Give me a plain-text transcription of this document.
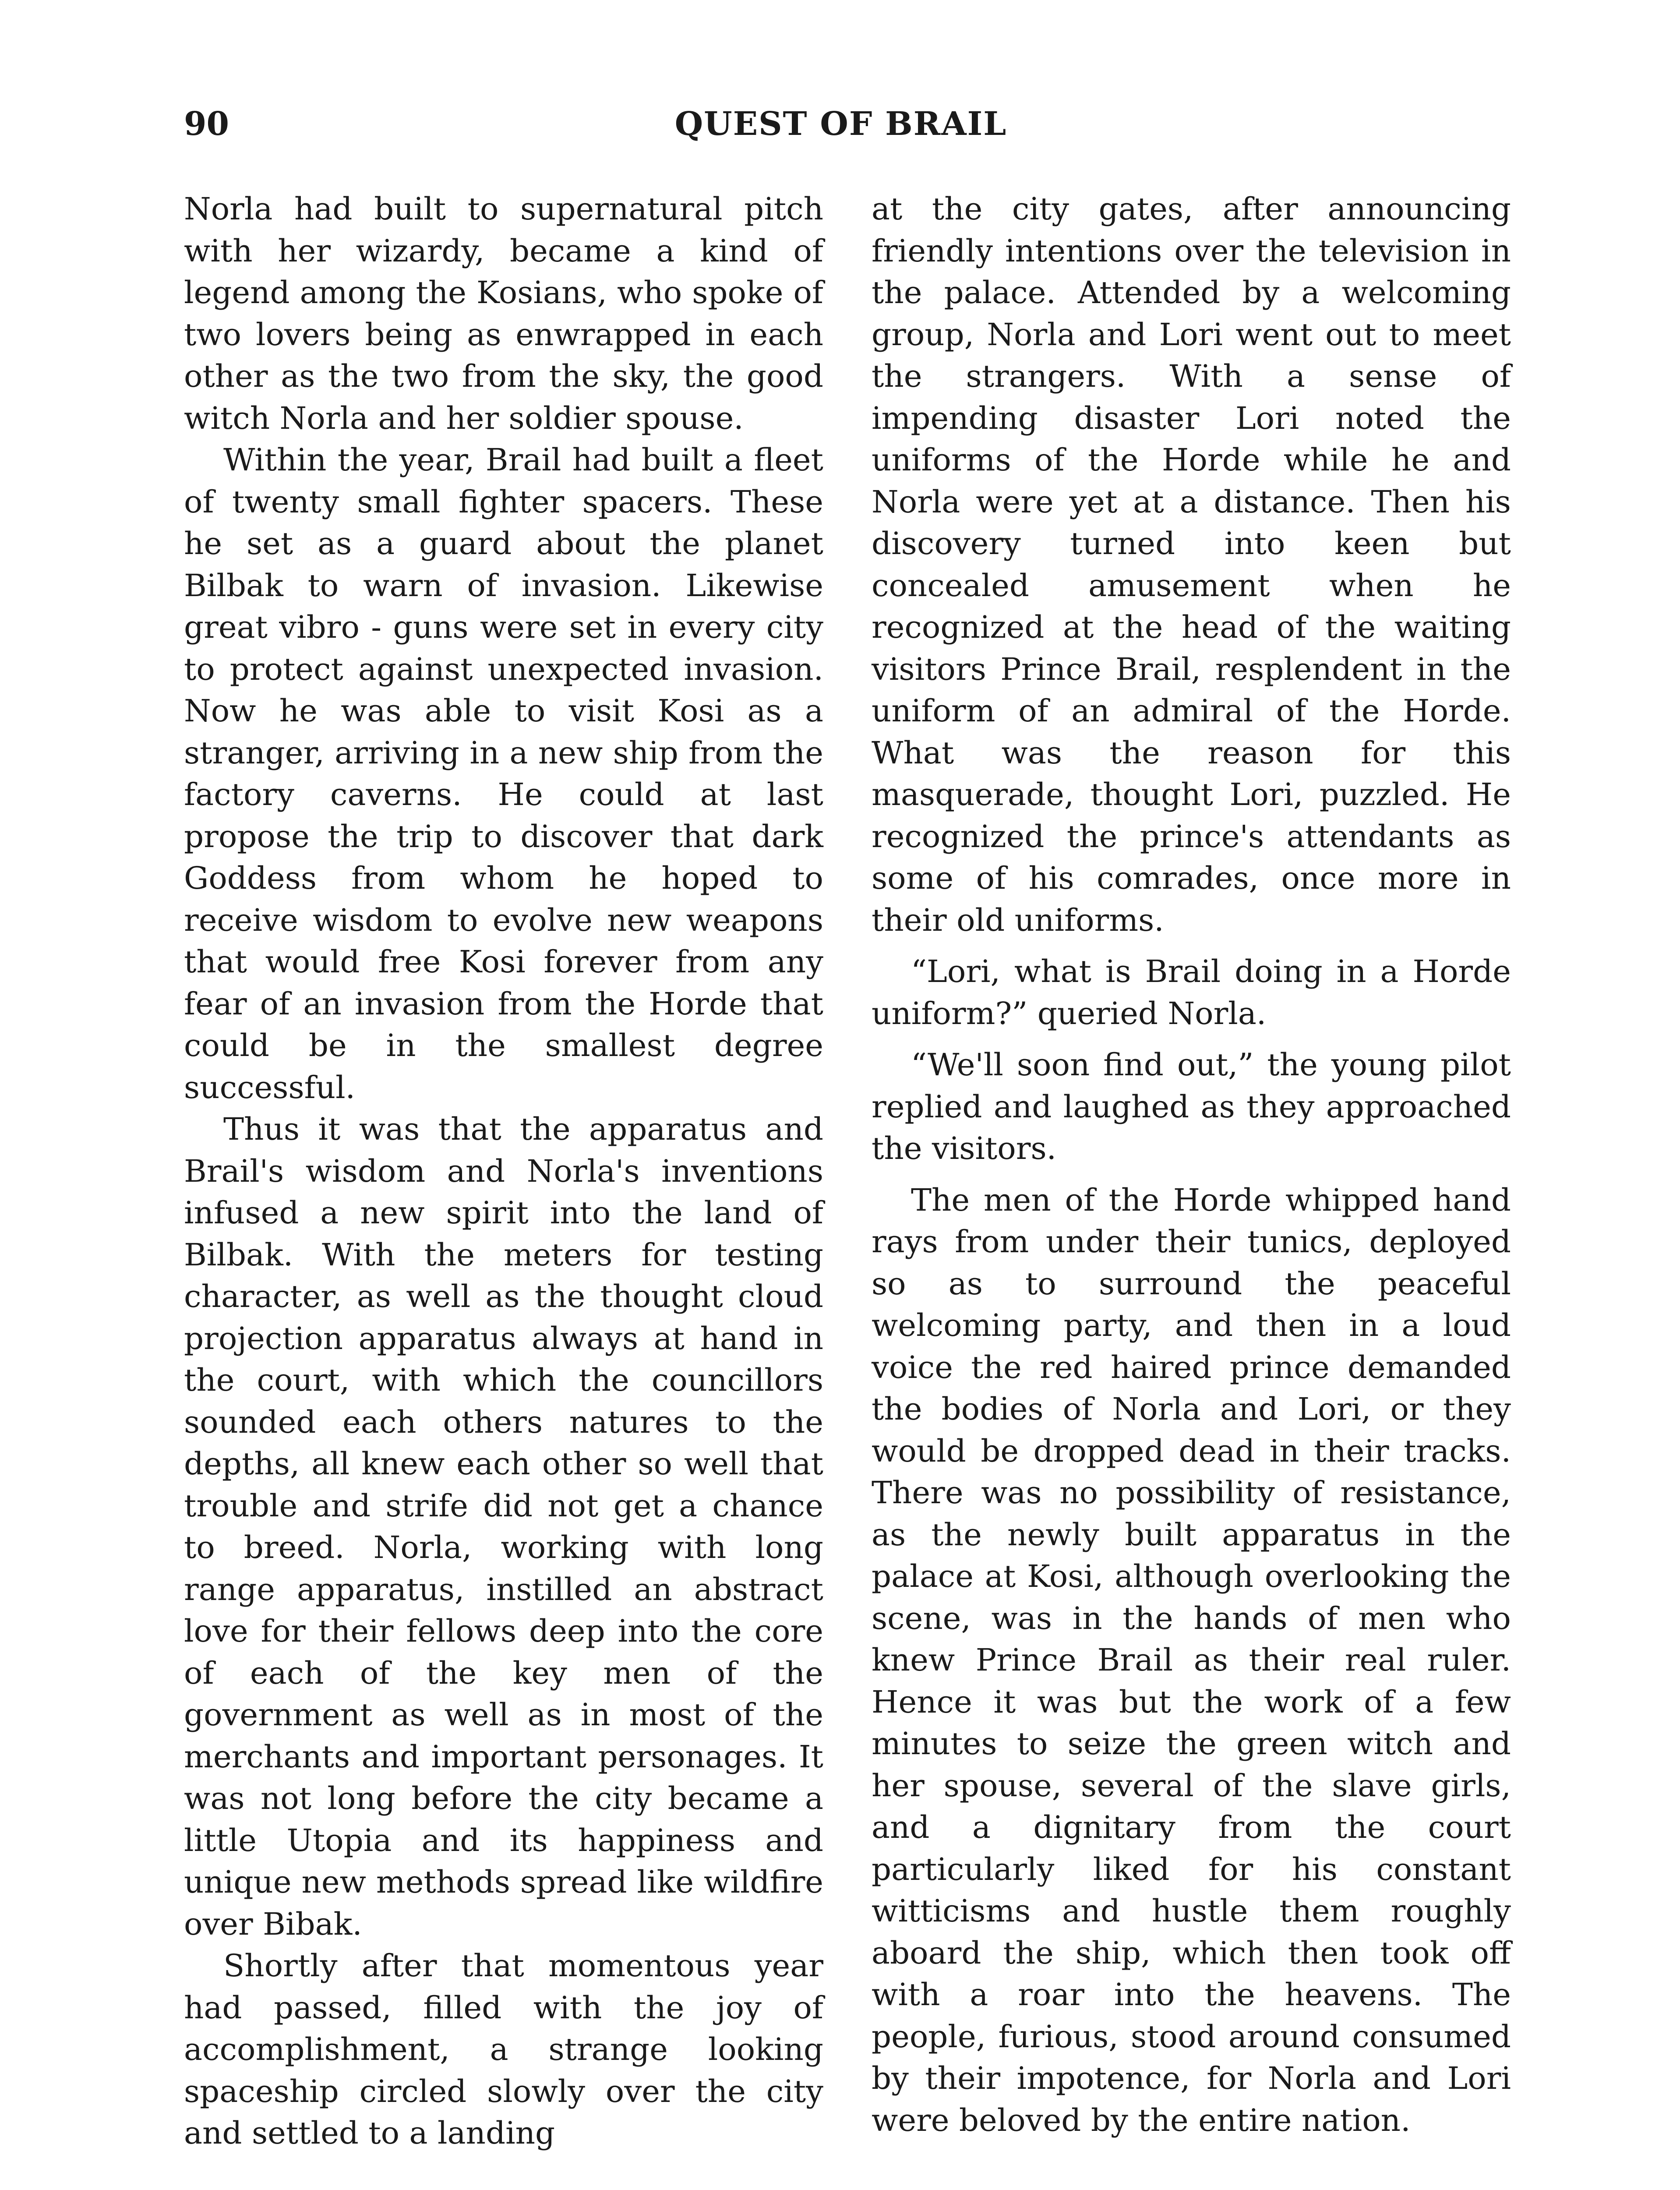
90	QUEST OF BRAIL

Norla had built to supernatural pitch with her wizardy, became a kind of legend among the Kosians, who spoke of two lovers being as enwrapped in each other as the two from the sky, the good witch Norla and her soldier spouse.

Within the year, Brail had built a fleet of twenty small fighter spacers. These he set as a guard about the planet Bilbak to warn of invasion. Likewise great vibro - guns were set in every city to protect against unexpected invasion. Now he was able to visit Kosi as a stranger, arriving in a new ship from the factory caverns. He could at last propose the trip to discover that dark Goddess from whom he hoped to receive wisdom to evolve new weapons that would free Kosi forever from any fear of an invasion from the Horde that could be in the smallest degree successful.

Thus it was that the apparatus and Brail's wisdom and Norla's inventions infused a new spirit into the land of Bilbak. With the meters for testing character, as well as the thought cloud projection apparatus always at hand in the court, with which the councillors sounded each others natures to the depths, all knew each other so well that trouble and strife did not get a chance to breed. Norla, working with long range apparatus, instilled an abstract love for their fellows deep into the core of each of the key men of the government as well as in most of the merchants and important personages. It was not long before the city became a little Utopia and its happiness and unique new methods spread like wildfire over Bibak.

Shortly after that momentous year had passed, filled with the joy of accomplishment, a strange looking spaceship circled slowly over the city and settled to a landing

at the city gates, after announcing friendly intentions over the television in the palace. Attended by a welcoming group, Norla and Lori went out to meet the strangers. With a sense of impending disaster Lori noted the uniforms of the Horde while he and Norla were yet at a distance. Then his discovery turned into keen but concealed amusement when he recognized at the head of the waiting visitors Prince Brail, resplendent in the uniform of an admiral of the Horde. What was the reason for this masquerade, thought Lori, puzzled. He recognized the prince's attendants as some of his comrades, once more in their old uniforms.

“Lori, what is Brail doing in a Horde uniform?” queried Norla.

“We'll soon find out,” the young pilot replied and laughed as they approached the visitors.

The men of the Horde whipped hand rays from under their tunics, deployed so as to surround the peaceful welcoming party, and then in a loud voice the red haired prince demanded the bodies of Norla and Lori, or they would be dropped dead in their tracks. There was no possibility of resistance, as the newly built apparatus in the palace at Kosi, although overlooking the scene, was in the hands of men who knew Prince Brail as their real ruler. Hence it was but the work of a few minutes to seize the green witch and her spouse, several of the slave girls, and a dignitary from the court particularly liked for his constant witticisms and hustle them roughly aboard the ship, which then took off with a roar into the heavens. The people, furious, stood around consumed by their impotence, for Norla and Lori were beloved by the entire nation.
